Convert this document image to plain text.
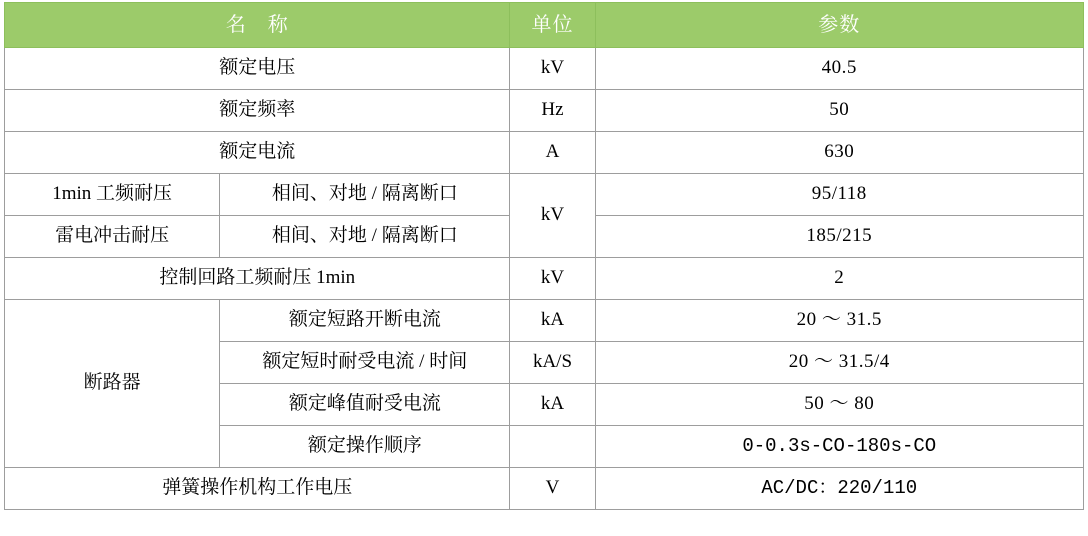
名　称		单位	参数
额定电压		kV	40.5
额定频率		Hz	50
额定电流		A	630
1min 工频耐压	相间、对地 / 隔离断口	kV	95/118
雷电冲击耐压	相间、对地 / 隔离断口		185/215
控制回路工频耐压 1min		kV	2
断路器	额定短路开断电流	kA	20 ～ 31.5
	额定短时耐受电流 / 时间	kA/S	20 ～ 31.5/4
	额定峰值耐受电流	kA	50 ～ 80
	额定操作顺序		0-0.3s-CO-180s-CO
弹簧操作机构工作电压		V	AC/DC：220/110
